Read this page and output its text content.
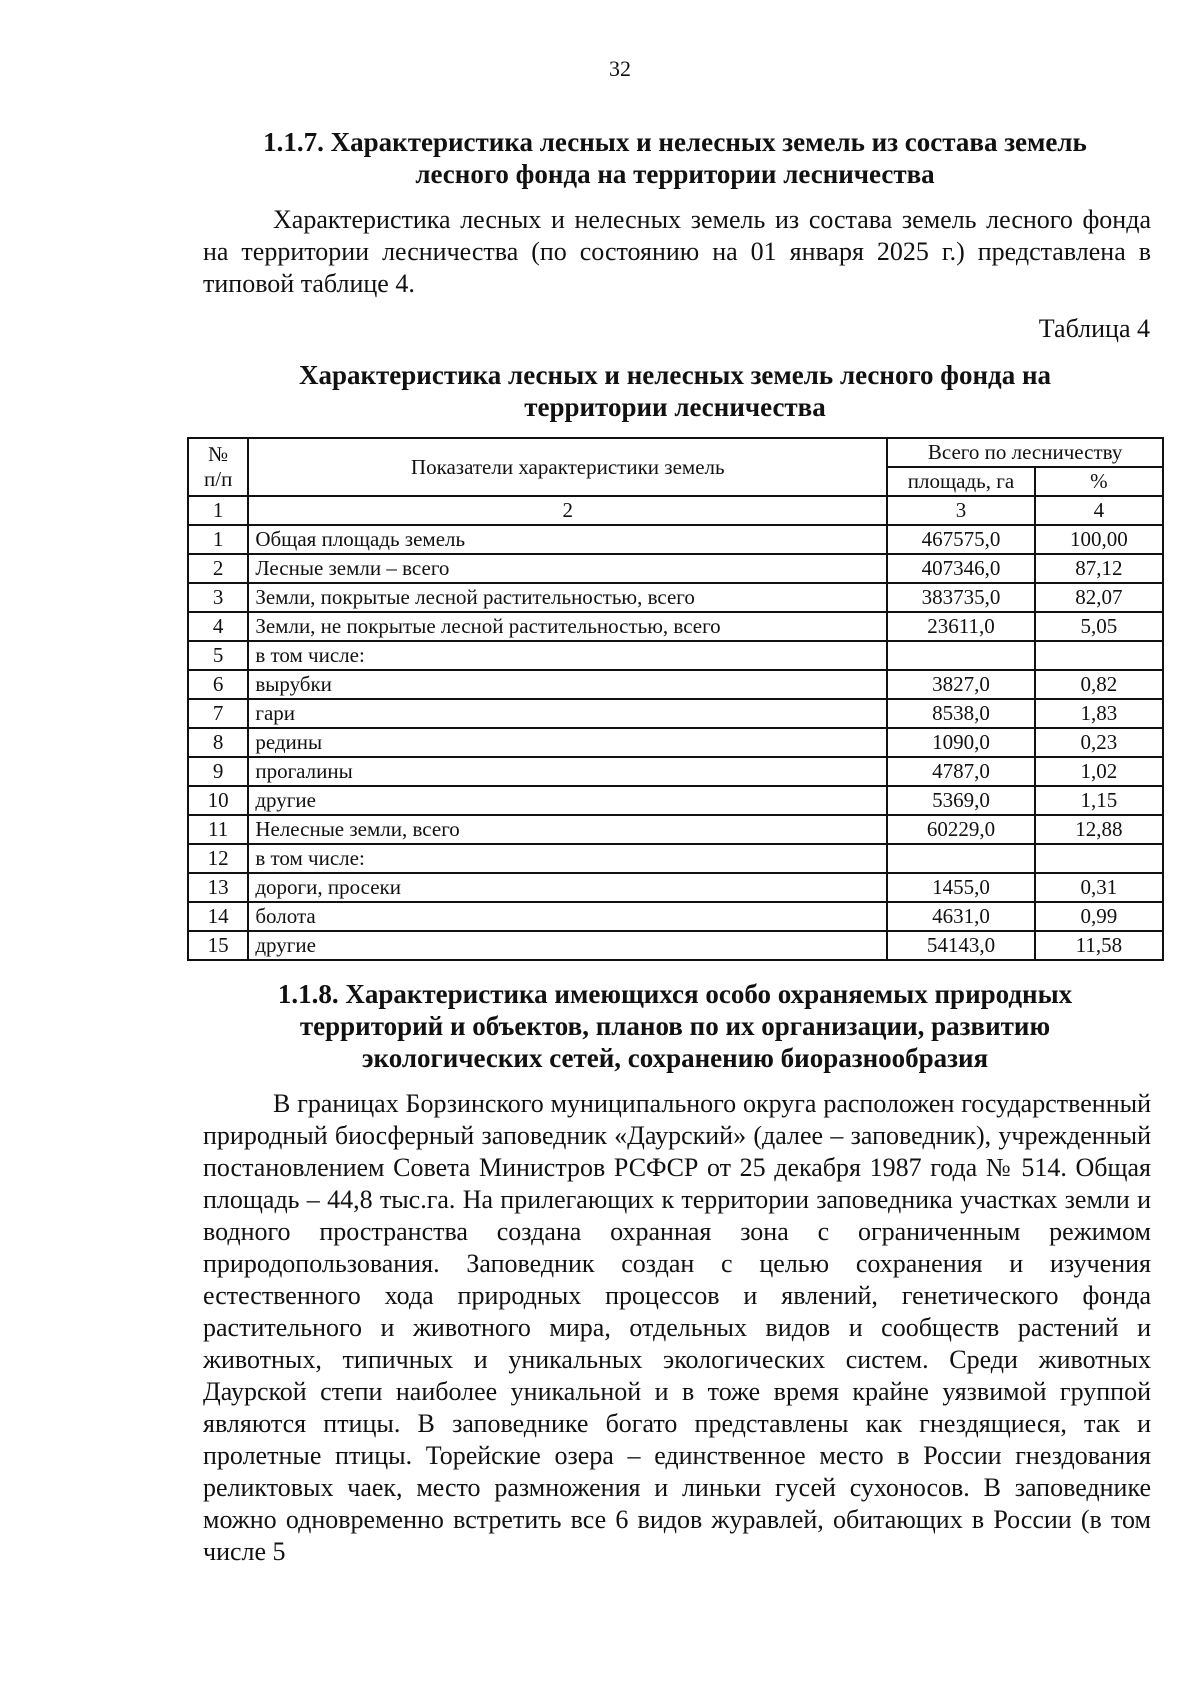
32
1.1.7. Характеристика лесных и нелесных земель из состава земель
лесного фонда на территории лесничества
Характеристика лесных и нелесных земель из состава земель лесного фонда на территории лесничества (по состоянию на 01 января 2025 г.) представлена в типовой таблице 4.
Таблица 4
Характеристика лесных и нелесных земель лесного фонда на
территории лесничества
№
п/п	Показатели характеристики земель	Всего по лесничеству	
		площадь, га	%
1	2	3	4
1	Общая площадь земель	467575,0	100,00
2	Лесные земли – всего	407346,0	87,12
3	Земли, покрытые лесной растительностью, всего	383735,0	82,07
4	Земли, не покрытые лесной растительностью, всего	23611,0	5,05
5	в том числе:		
6	вырубки	3827,0	0,82
7	гари	8538,0	1,83
8	редины	1090,0	0,23
9	прогалины	4787,0	1,02
10	другие	5369,0	1,15
11	Нелесные земли, всего	60229,0	12,88
12	в том числе:		
13	дороги, просеки	1455,0	0,31
14	болота	4631,0	0,99
15	другие	54143,0	11,58
1.1.8. Характеристика имеющихся особо охраняемых природных
территорий и объектов, планов по их организации, развитию
экологических сетей, сохранению биоразнообразия
В границах Борзинского муниципального округа расположен государственный природный биосферный заповедник «Даурский» (далее – заповедник), учрежденный постановлением Совета Министров РСФСР от 25 декабря 1987 года № 514. Общая площадь – 44,8 тыс.га. На прилегающих к территории заповедника участках земли и водного пространства создана охранная зона с ограниченным режимом природопользования. Заповедник создан с целью сохранения и изучения естественного хода природных процессов и явлений, генетического фонда растительного и животного мира, отдельных видов и сообществ растений и животных, типичных и уникальных экологических систем. Среди животных Даурской степи наиболее уникальной и в тоже время крайне уязвимой группой являются птицы. В заповеднике богато представлены как гнездящиеся, так и пролетные птицы. Торейские озера – единственное место в России гнездования реликтовых чаек, место размножения и линьки гусей сухоносов. В заповеднике можно одновременно встретить все 6 видов журавлей, обитающих в России (в том числе 5
